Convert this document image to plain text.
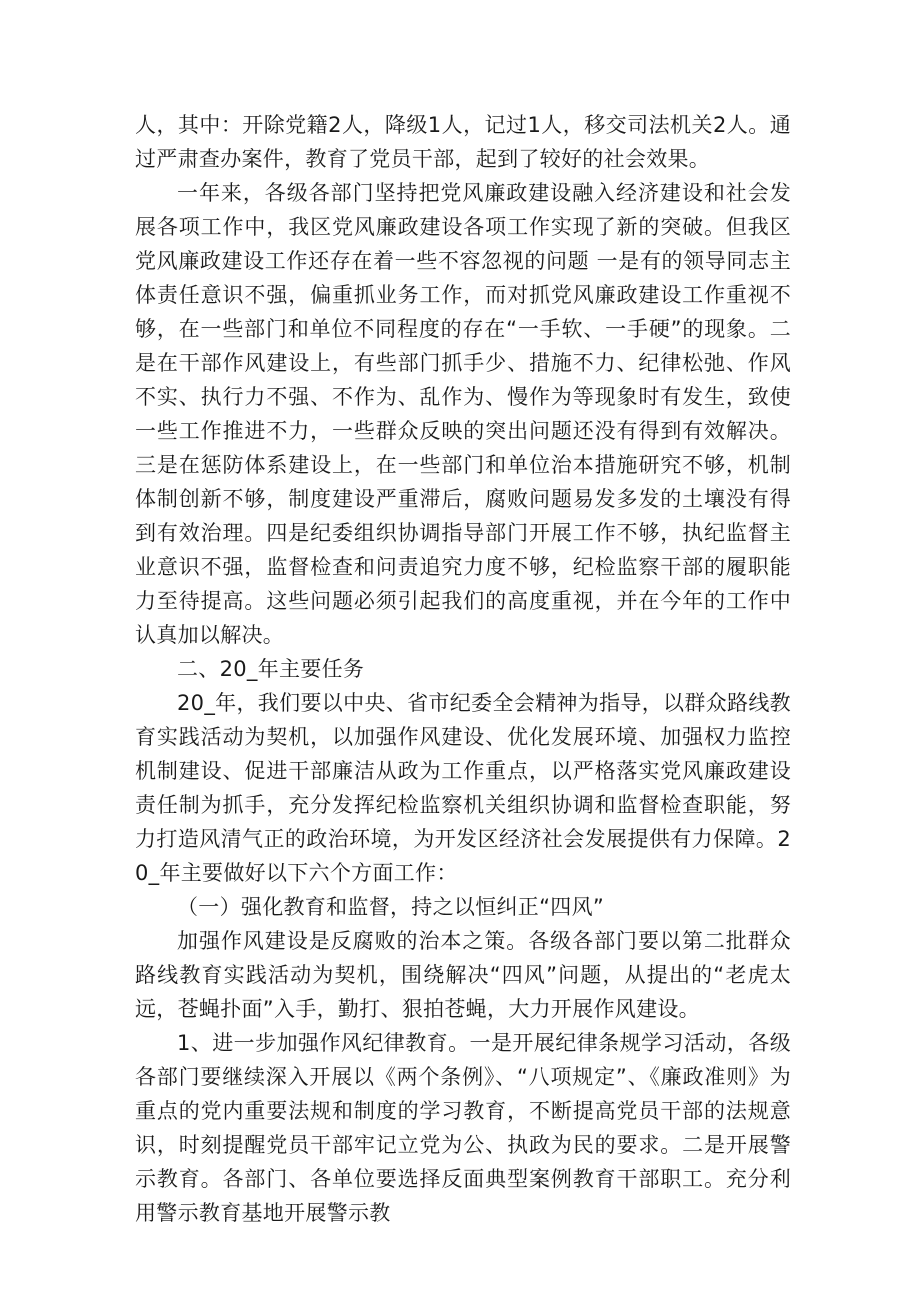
人，其中：开除党籍2人，降级1人，记过1人，移交司法机关2人。通过严肃查办案件，教育了党员干部，起到了较好的社会效果。

一年来，各级各部门坚持把党风廉政建设融入经济建设和社会发展各项工作中，我区党风廉政建设各项工作实现了新的突破。但我区党风廉政建设工作还存在着一些不容忽视的问题 一是有的领导同志主体责任意识不强，偏重抓业务工作，而对抓党风廉政建设工作重视不够，在一些部门和单位不同程度的存在“一手软、一手硬”的现象。二是在干部作风建设上，有些部门抓手少、措施不力、纪律松弛、作风不实、执行力不强、不作为、乱作为、慢作为等现象时有发生，致使一些工作推进不力，一些群众反映的突出问题还没有得到有效解决。三是在惩防体系建设上，在一些部门和单位治本措施研究不够，机制体制创新不够，制度建设严重滞后，腐败问题易发多发的土壤没有得到有效治理。四是纪委组织协调指导部门开展工作不够，执纪监督主业意识不强，监督检查和问责追究力度不够，纪检监察干部的履职能力至待提高。这些问题必须引起我们的高度重视，并在今年的工作中认真加以解决。

二、20_年主要任务

20_年，我们要以中央、省市纪委全会精神为指导，以群众路线教育实践活动为契机，以加强作风建设、优化发展环境、加强权力监控机制建设、促进干部廉洁从政为工作重点，以严格落实党风廉政建设责任制为抓手，充分发挥纪检监察机关组织协调和监督检查职能，努力打造风清气正的政治环境，为开发区经济社会发展提供有力保障。20_年主要做好以下六个方面工作：

（一）强化教育和监督，持之以恒纠正“四风”

加强作风建设是反腐败的治本之策。各级各部门要以第二批群众路线教育实践活动为契机，围绕解决“四风”问题，从提出的“老虎太远，苍蝇扑面”入手，勤打、狠拍苍蝇，大力开展作风建设。

1、进一步加强作风纪律教育。一是开展纪律条规学习活动，各级各部门要继续深入开展以《两个条例》、“八项规定”、《廉政准则》为重点的党内重要法规和制度的学习教育，不断提高党员干部的法规意识，时刻提醒党员干部牢记立党为公、执政为民的要求。二是开展警示教育。各部门、各单位要选择反面典型案例教育干部职工。充分利用警示教育基地开展警示教
